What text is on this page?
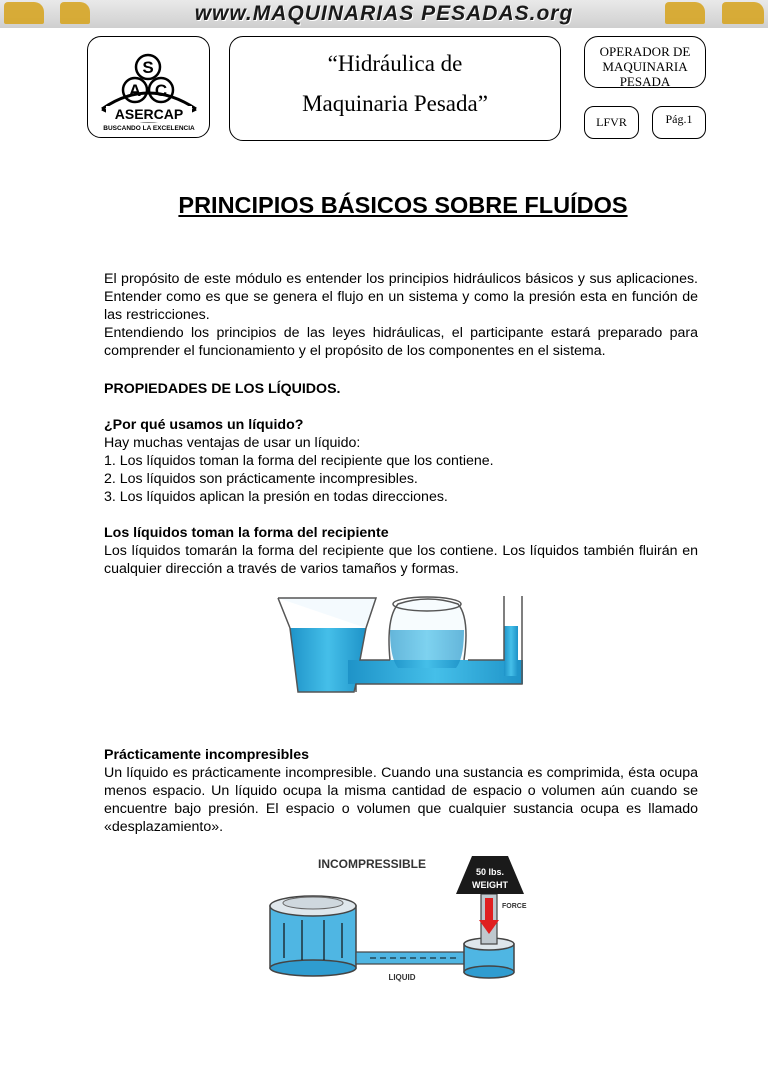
www.MAQUINARIAS PESADAS.org
S
A C
ASERCAP
BUSCANDO LA EXCELENCIA
“Hidráulica de
Maquinaria Pesada”
OPERADOR DE MAQUINARIA PESADA
LFVR	Pág.1
PRINCIPIOS BÁSICOS SOBRE FLUÍDOS

El propósito de este módulo es entender los principios hidráulicos básicos y sus aplicaciones. Entender como es que se genera el flujo en un sistema y como la presión esta en función de las restricciones.

Entendiendo los principios de las leyes hidráulicas, el participante estará preparado para comprender el funcionamiento y el propósito de los componentes en el sistema.

PROPIEDADES DE LOS LÍQUIDOS.

¿Por qué usamos un líquido?

Hay muchas ventajas de usar un líquido:

1. Los líquidos toman la forma del recipiente que los contiene.

2. Los líquidos son prácticamente incompresibles.

3. Los líquidos aplican la presión en todas direcciones.

Los líquidos toman la forma del recipiente

Los líquidos tomarán la forma del recipiente que los contiene. Los líquidos también fluirán en cualquier dirección a través de varios tamaños y formas.

Prácticamente incompresibles

Un líquido es prácticamente incompresible. Cuando una sustancia es comprimida, ésta ocupa menos espacio. Un líquido ocupa la misma cantidad de espacio o volumen aún cuando se encuentre bajo presión. El espacio o volumen que cualquier sustancia ocupa es llamado «desplazamiento».

INCOMPRESSIBLE
LIQUID
50 lbs.
WEIGHT
FORCE
